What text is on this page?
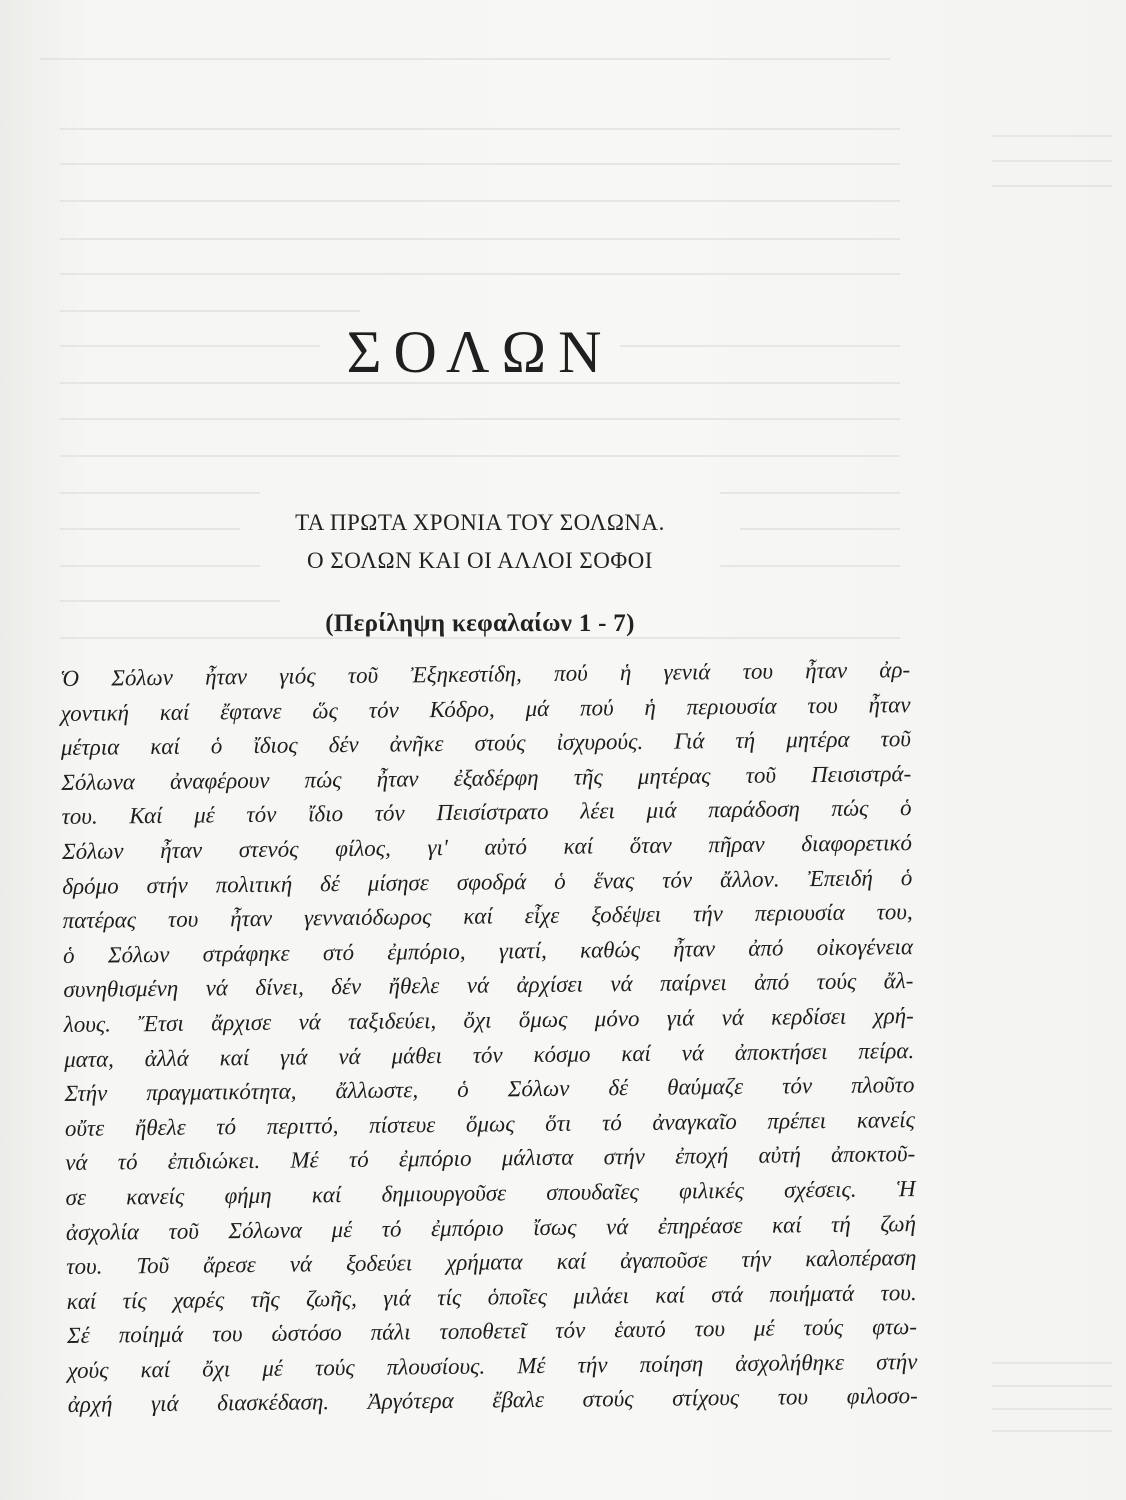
ΣΟΛΩΝ
ΤΑ ΠΡΩΤΑ ΧΡΟΝΙΑ ΤΟΥ ΣΟΛΩΝΑ.
Ο ΣΟΛΩΝ ΚΑΙ ΟΙ ΑΛΛΟΙ ΣΟΦΟΙ
(Περίληψη κεφαλαίων 1 - 7)
Ὁ Σόλων ἦταν γιός τοῦ Ἐξηκεστίδη, πού ἡ γενιά του ἦταν ἀρ-
χοντική καί ἔφτανε ὥς τόν Κόδρο, μά πού ἡ περιουσία του ἦταν
μέτρια καί ὁ ἴδιος δέν ἀνῆκε στούς ἰσχυρούς. Γιά τή μητέρα τοῦ
Σόλωνα ἀναφέρουν πώς ἦταν ἐξαδέρφη τῆς μητέρας τοῦ Πεισιστρά-
του. Καί μέ τόν ἴδιο τόν Πεισίστρατο λέει μιά παράδοση πώς ὁ
Σόλων ἦταν στενός φίλος, γι' αὐτό καί ὅταν πῆραν διαφορετικό
δρόμο στήν πολιτική δέ μίσησε σφοδρά ὁ ἕνας τόν ἄλλον. Ἐπειδή ὁ
πατέρας του ἦταν γενναιόδωρος καί εἶχε ξοδέψει τήν περιουσία του,
ὁ Σόλων στράφηκε στό ἐμπόριο, γιατί, καθώς ἦταν ἀπό οἰκογένεια
συνηθισμένη νά δίνει, δέν ἤθελε νά ἀρχίσει νά παίρνει ἀπό τούς ἄλ-
λους. Ἔτσι ἄρχισε νά ταξιδεύει, ὄχι ὅμως μόνο γιά νά κερδίσει χρή-
ματα, ἀλλά καί γιά νά μάθει τόν κόσμο καί νά ἀποκτήσει πείρα.
Στήν πραγματικότητα, ἄλλωστε, ὁ Σόλων δέ θαύμαζε τόν πλοῦτο
οὔτε ἤθελε τό περιττό, πίστευε ὅμως ὅτι τό ἀναγκαῖο πρέπει κανείς
νά τό ἐπιδιώκει. Μέ τό ἐμπόριο μάλιστα στήν ἐποχή αὐτή ἀποκτοῦ-
σε κανείς φήμη καί δημιουργοῦσε σπουδαῖες φιλικές σχέσεις. Ἡ
ἀσχολία τοῦ Σόλωνα μέ τό ἐμπόριο ἴσως νά ἐπηρέασε καί τή ζωή
του. Τοῦ ἄρεσε νά ξοδεύει χρήματα καί ἀγαποῦσε τήν καλοπέραση
καί τίς χαρές τῆς ζωῆς, γιά τίς ὁποῖες μιλάει καί στά ποιήματά του.
Σέ ποίημά του ὡστόσο πάλι τοποθετεῖ τόν ἑαυτό του μέ τούς φτω-
χούς καί ὄχι μέ τούς πλουσίους. Μέ τήν ποίηση ἀσχολήθηκε στήν
ἀρχή γιά διασκέδαση. Ἀργότερα ἔβαλε στούς στίχους του φιλοσο-
